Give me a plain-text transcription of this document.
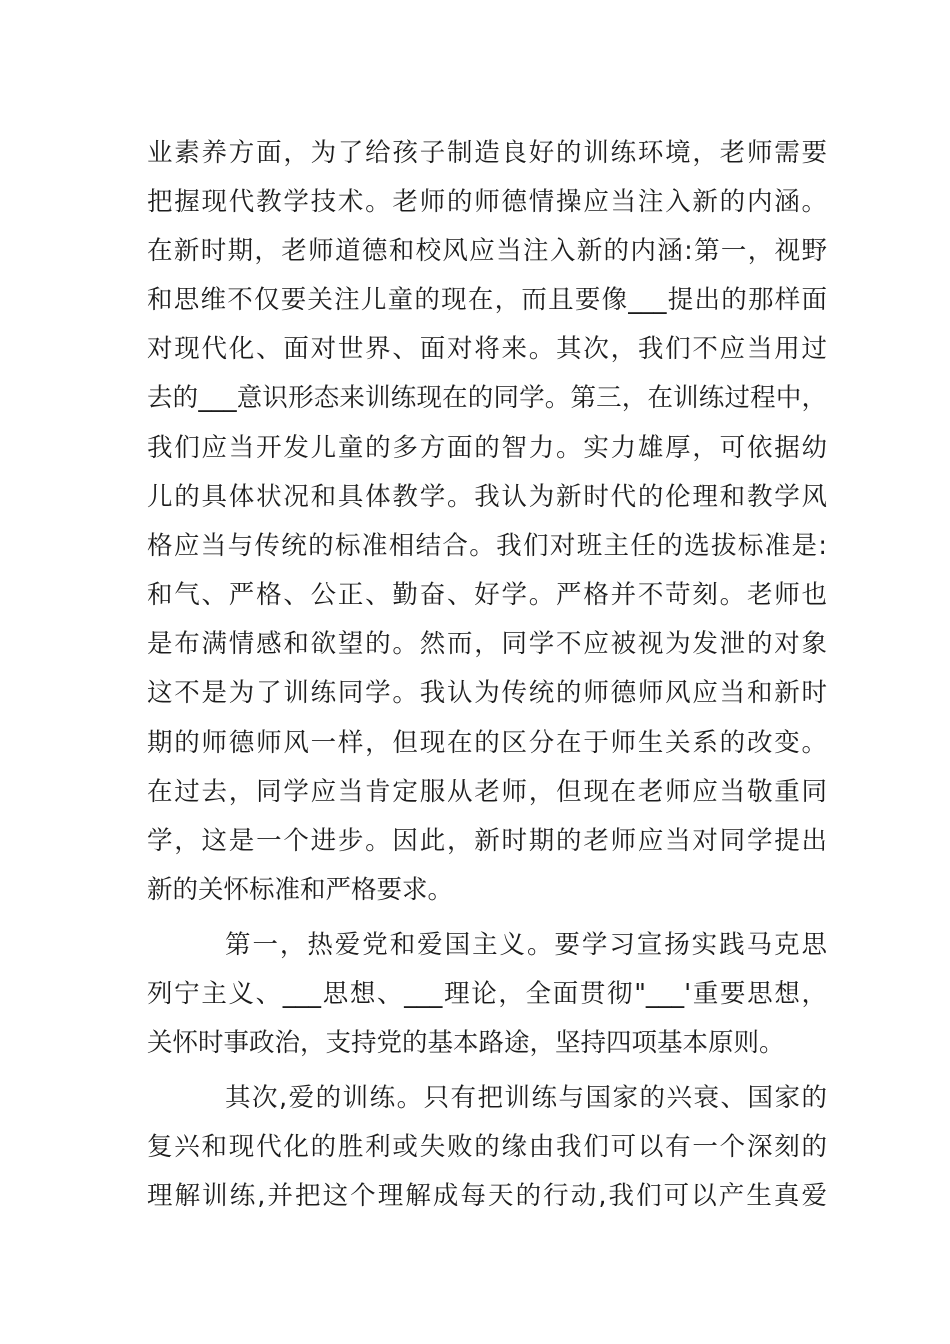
业素养方面，为了给孩子制造良好的训练环境，老师需要
把握现代教学技术。老师的师德情操应当注入新的内涵。
在新时期，老师道德和校风应当注入新的内涵:第一，视野
和思维不仅要关注儿童的现在，而且要像___提出的那样面
对现代化、面对世界、面对将来。其次，我们不应当用过
去的___意识形态来训练现在的同学。第三，在训练过程中，
我们应当开发儿童的多方面的智力。实力雄厚，可依据幼
儿的具体状况和具体教学。我认为新时代的伦理和教学风
格应当与传统的标准相结合。我们对班主任的选拔标准是:
和气、严格、公正、勤奋、好学。严格并不苛刻。老师也
是布满情感和欲望的。然而，同学不应被视为发泄的对象
这不是为了训练同学。我认为传统的师德师风应当和新时
期的师德师风一样，但现在的区分在于师生关系的改变。
在过去，同学应当肯定服从老师，但现在老师应当敬重同
学，这是一个进步。因此，新时期的老师应当对同学提出
新的关怀标准和严格要求。
第一，热爱党和爱国主义。要学习宣扬实践马克思
列宁主义、___思想、___理论，全面贯彻"___'重要思想，
关怀时事政治，支持党的基本路途，坚持四项基本原则。
其次,爱的训练。只有把训练与国家的兴衰、国家的
复兴和现代化的胜利或失败的缘由我们可以有一个深刻的
理解训练,并把这个理解成每天的行动,我们可以产生真爱
